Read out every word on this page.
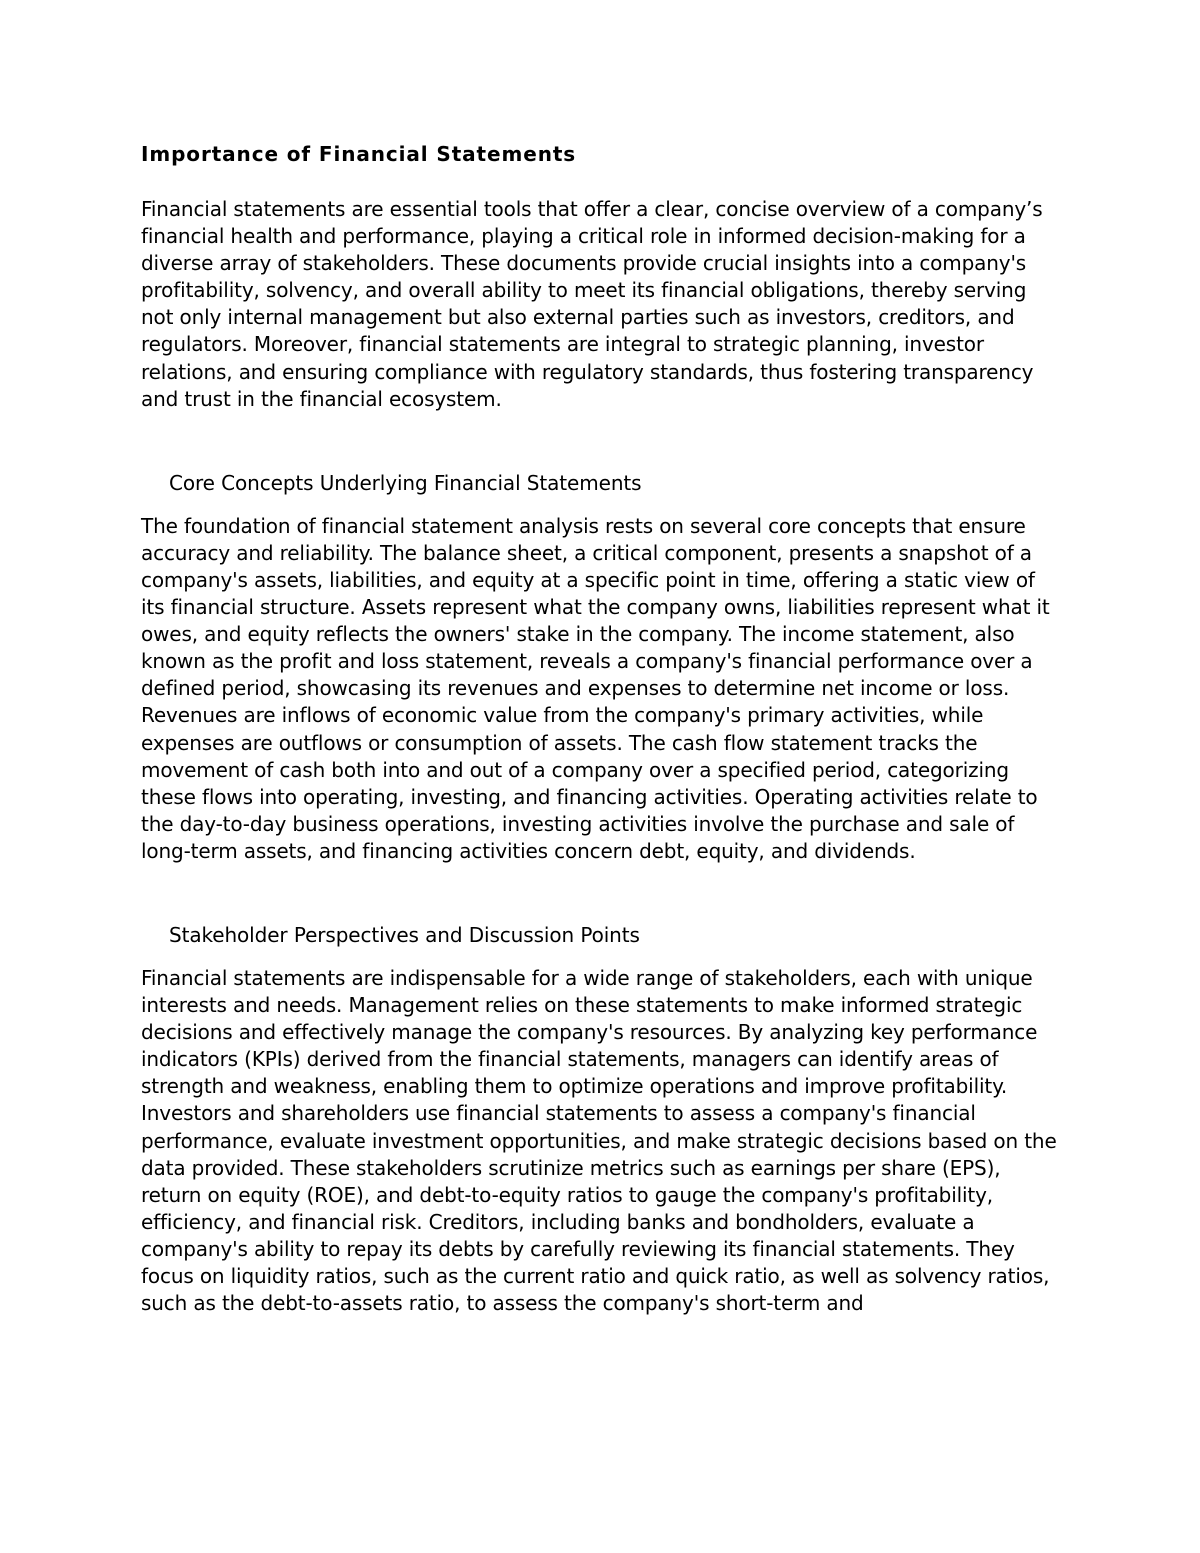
Importance of Financial Statements

Financial statements are essential tools that offer a clear, concise overview of a company’s financial health and performance, playing a critical role in informed decision-making for a diverse array of stakeholders. These documents provide crucial insights into a company's profitability, solvency, and overall ability to meet its financial obligations, thereby serving not only internal management but also external parties such as investors, creditors, and regulators. Moreover, financial statements are integral to strategic planning, investor relations, and ensuring compliance with regulatory standards, thus fostering transparency and trust in the financial ecosystem.

Core Concepts Underlying Financial Statements

The foundation of financial statement analysis rests on several core concepts that ensure accuracy and reliability. The balance sheet, a critical component, presents a snapshot of a company's assets, liabilities, and equity at a specific point in time, offering a static view of its financial structure. Assets represent what the company owns, liabilities represent what it owes, and equity reflects the owners' stake in the company. The income statement, also known as the profit and loss statement, reveals a company's financial performance over a defined period, showcasing its revenues and expenses to determine net income or loss. Revenues are inflows of economic value from the company's primary activities, while expenses are outflows or consumption of assets. The cash flow statement tracks the movement of cash both into and out of a company over a specified period, categorizing these flows into operating, investing, and financing activities. Operating activities relate to the day-to-day business operations, investing activities involve the purchase and sale of long-term assets, and financing activities concern debt, equity, and dividends.

Stakeholder Perspectives and Discussion Points

Financial statements are indispensable for a wide range of stakeholders, each with unique interests and needs. Management relies on these statements to make informed strategic decisions and effectively manage the company's resources. By analyzing key performance indicators (KPIs) derived from the financial statements, managers can identify areas of strength and weakness, enabling them to optimize operations and improve profitability. Investors and shareholders use financial statements to assess a company's financial performance, evaluate investment opportunities, and make strategic decisions based on the data provided. These stakeholders scrutinize metrics such as earnings per share (EPS), return on equity (ROE), and debt-to-equity ratios to gauge the company's profitability, efficiency, and financial risk. Creditors, including banks and bondholders, evaluate a company's ability to repay its debts by carefully reviewing its financial statements. They focus on liquidity ratios, such as the current ratio and quick ratio, as well as solvency ratios, such as the debt-to-assets ratio, to assess the company's short-term and
